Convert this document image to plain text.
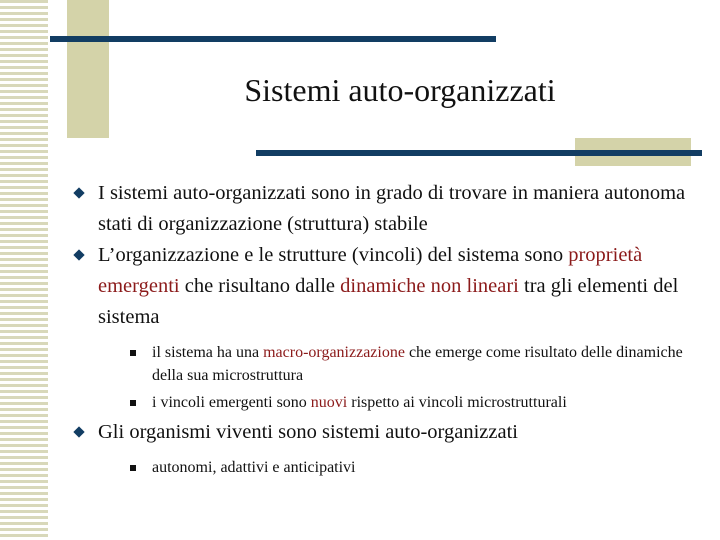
Sistemi auto-organizzati
I sistemi auto-organizzati sono in grado di trovare in maniera autonoma stati di organizzazione (struttura) stabile
L’organizzazione e le strutture (vincoli) del sistema sono proprietà emergenti che risultano dalle dinamiche non lineari tra gli elementi del sistema
il sistema ha una macro-organizzazione che emerge come risultato delle dinamiche della sua microstruttura
i vincoli emergenti sono nuovi rispetto ai vincoli microstrutturali
Gli organismi viventi sono sistemi auto-organizzati
autonomi, adattivi e anticipativi
